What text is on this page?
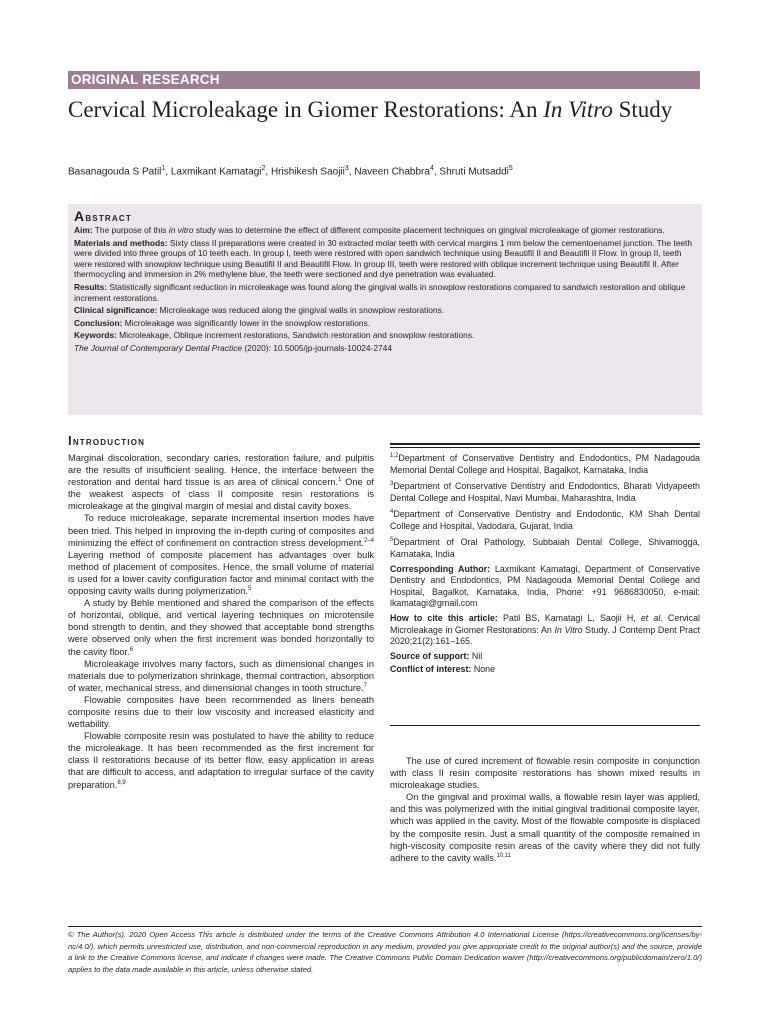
ORIGINAL RESEARCH
Cervical Microleakage in Giomer Restorations: An In Vitro Study
Basanagouda S Patil$^1$, Laxmikant Kamatagi$^2$, Hrishikesh Saojii$^3$, Naveen Chabbra$^4$, Shruti Mutsaddi$^5$
Abstract

Aim: The purpose of this in vitro study was to determine the effect of different composite placement techniques on gingival microleakage of giomer restorations.

Materials and methods: Sixty class II preparations were created in 30 extracted molar teeth with cervical margins 1 mm below the cementoenamel junction. The teeth were divided into three groups of 10 teeth each. In group I, teeth were restored with open sandwich technique using Beautifil II and Beautifil II Flow. In group II, teeth were restored with snowplow technique using Beautifil II and Beautifil Flow. In group III, teeth were restored with oblique increment technique using Beautifil II. After thermocycling and immersion in 2% methylene blue, the teeth were sectioned and dye penetration was evaluated.

Results: Statistically significant reduction in microleakage was found along the gingival walls in snowplow restorations compared to sandwich restoration and oblique increment restorations.

Clinical significance: Microleakage was reduced along the gingival walls in snowplow restorations.

Conclusion: Microleakage was significantly lower in the snowplow restorations.

Keywords: Microleakage, Oblique increment restorations, Sandwich restoration and snowplow restorations.

The Journal of Contemporary Dental Practice (2020): 10.5005/jp-journals-10024-2744

Introduction

Marginal discoloration, secondary caries, restoration failure, and pulpitis are the results of insufficient sealing. Hence, the interface between the restoration and dental hard tissue is an area of clinical concern.$^1$ One of the weakest aspects of class II composite resin restorations is microleakage at the gingival margin of mesial and distal cavity boxes.

To reduce microleakage, separate incremental insertion modes have been tried. This helped in improving the in-depth curing of composites and minimizing the effect of confinement on contraction stress development.$^{2-4}$ Layering method of composite placement has advantages over bulk method of placement of composites. Hence, the small volume of material is used for a lower cavity configuration factor and minimal contact with the opposing cavity walls during polymerization.$^5$

A study by Behle mentioned and shared the comparison of the effects of horizontal, oblique, and vertical layering techniques on microtensile bond strength to dentin, and they showed that acceptable bond strengths were observed only when the first increment was bonded horizontally to the cavity floor.$^6$

Microleakage involves many factors, such as dimensional changes in materials due to polymerization shrinkage, thermal contraction, absorption of water, mechanical stress, and dimensional changes in tooth structure.$^7$

Flowable composites have been recommended as liners beneath composite resins due to their low viscosity and increased elasticity and wettability.

Flowable composite resin was postulated to have the ability to reduce the microleakage. It has been recommended as the first increment for class II restorations because of its better flow, easy application in areas that are difficult to access, and adaptation to irregular surface of the cavity preparation.$^{8,9}$

$^{1,2}$Department of Conservative Dentistry and Endodontics, PM Nadagouda Memorial Dental College and Hospital, Bagalkot, Karnataka, India

$^3$Department of Conservative Dentistry and Endodontics, Bharati Vidyapeeth Dental College and Hospital, Navi Mumbai, Maharashtra, India

$^4$Department of Conservative Dentistry and Endodontic, KM Shah Dental College and Hospital, Vadodara, Gujarat, India

$^5$Department of Oral Pathology, Subbaiah Dental College, Shivamogga, Karnataka, India

Corresponding Author: Laxmikant Kamatagi, Department of Conservative Dentistry and Endodontics, PM Nadagouda Memorial Dental College and Hospital, Bagalkot, Karnataka, India, Phone: +91 9686830050, e-mail: lkamatagi@gmail.com

How to cite this article: Patil BS, Kamatagi L, Saojii H, et al. Cervical Microleakage in Giomer Restorations: An In Vitro Study. J Contemp Dent Pract 2020;21(2):161–165.

Source of support: Nil

Conflict of interest: None

The use of cured increment of flowable resin composite in conjunction with class II resin composite restorations has shown mixed results in microleakage studies.

On the gingival and proximal walls, a flowable resin layer was applied, and this was polymerized with the initial gingival traditional composite layer, which was applied in the cavity. Most of the flowable composite is displaced by the composite resin. Just a small quantity of the composite remained in high-viscosity composite resin areas of the cavity where they did not fully adhere to the cavity walls.$^{10,11}$

© The Author(s). 2020 Open Access This article is distributed under the terms of the Creative Commons Attribution 4.0 International License (https://creativecommons.org/licenses/by-nc/4.0/), which permits unrestricted use, distribution, and non-commercial reproduction in any medium, provided you give appropriate credit to the original author(s) and the source, provide a link to the Creative Commons license, and indicate if changes were made. The Creative Commons Public Domain Dedication waiver (http://creativecommons.org/publicdomain/zero/1.0/) applies to the data made available in this article, unless otherwise stated.
